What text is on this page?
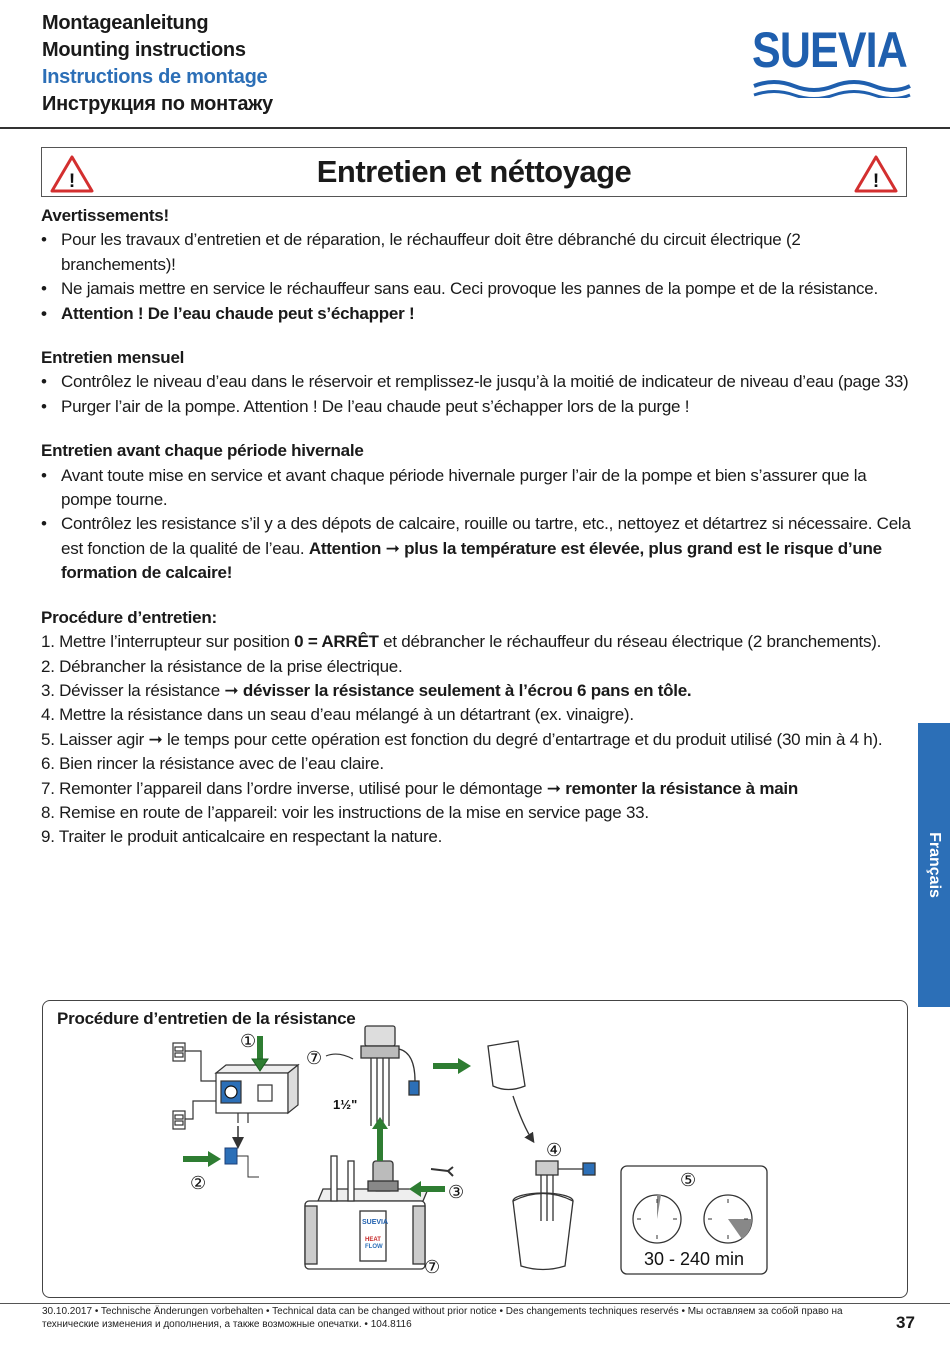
Montageanleitung
Mounting instructions
Instructions de montage
Инструкция по монтажу
SUEVIA
!	Entretien et néttoyage	!
Avertissements!
• Pour les travaux d’entretien et de réparation, le réchauffeur doit être débranché du circuit électrique (2 branchements)!
• Ne jamais mettre en service le réchauffeur sans eau. Ceci provoque les pannes de la pompe et de la résistance.
• Attention ! De l’eau chaude peut s’échapper !
Entretien mensuel
• Contrôlez le niveau d’eau dans le réservoir et remplissez-le jusqu’à la moitié de indicateur de niveau d’eau (page 33)
• Purger l’air de la pompe. Attention ! De l’eau chaude peut s’échapper lors de la purge !
Entretien avant chaque période hivernale
• Avant toute mise en service et avant chaque période hivernale purger l’air de la pompe et bien s’assurer que la pompe tourne.
• Contrôlez les resistance s’il y a des dépots de calcaire, rouille ou tartre, etc., nettoyez et détartrez si nécessaire. Cela est fonction de la qualité de l’eau. Attention ➞ plus la température est élevée, plus grand est le risque d’une formation de calcaire!
Procédure d’entretien:
1. Mettre l’interrupteur sur position 0 = ARRÊT et débrancher le réchauffeur du réseau électrique (2 branchements).
2. Débrancher la résistance de la prise électrique.
3. Dévisser la résistance ➞ dévisser la résistance seulement à l’écrou 6 pans en tôle.
4. Mettre la résistance dans un seau d’eau mélangé à un détartrant (ex. vinaigre).
5. Laisser agir ➞ le temps pour cette opération est fonction du degré d’entartrage et du produit utilisé (30 min à 4 h).
6. Bien rincer la résistance avec de l’eau claire.
7. Remonter l’appareil dans l’ordre inverse, utilisé pour le démontage ➞ remonter la résistance à main
8. Remise en route de l’appareil: voir les instructions de la mise en service page 33.
9. Traiter le produit anticalcaire en respectant la nature.	Français
Procédure d’entretien de la résistance
①
②
SUEVIA
HEAT
FLOW
⑦
③
⑦
1½"
④
⑤
30 - 240 min
30.10.2017 • Technische Änderungen vorbehalten • Technical data can be changed without prior notice • Des changements techniques reservés • Мы оставляем за собой право на технические изменения и дополнения, а также возможные опечатки. • 104.8116	37
